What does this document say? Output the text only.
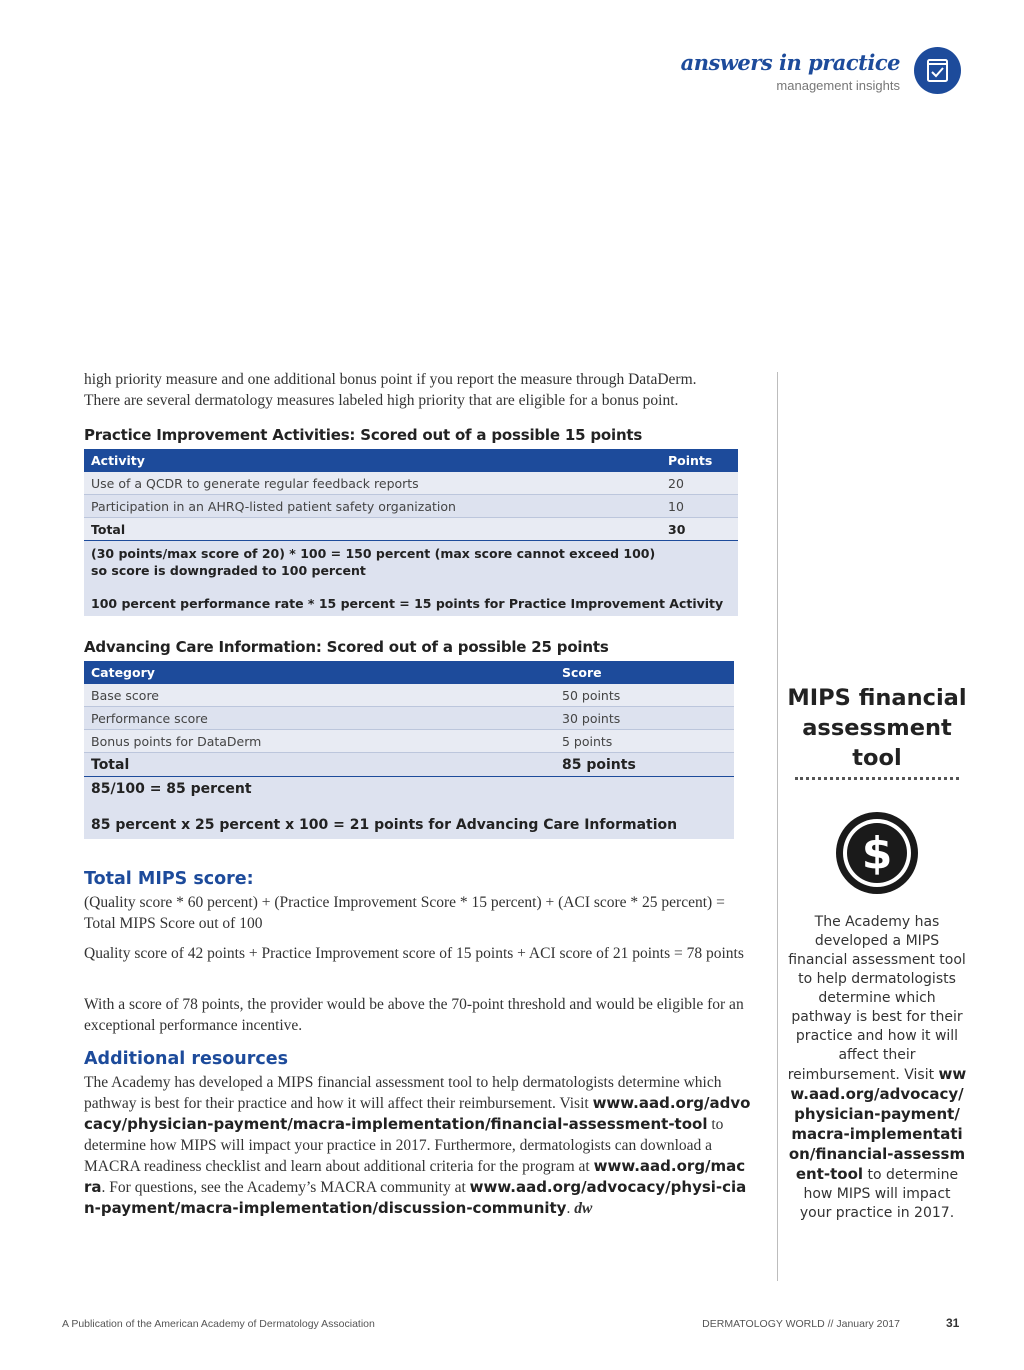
answers in practice
management insights

high priority measure and one additional bonus point if you report the measure through DataDerm.

There are several dermatology measures labeled high priority that are eligible for a bonus point.

Practice Improvement Activities: Scored out of a possible 15 points
Activity	Points
Use of a QCDR to generate regular feedback reports	20
Participation in an AHRQ-listed patient safety organization	10
Total	30
(30 points/max score of 20) * 100 = 150 percent (max score cannot exceed 100) so score is downgraded to 100 percent
100 percent performance rate * 15 percent = 15 points for Practice Improvement Activity
Advancing Care Information: Scored out of a possible 25 points
Category	Score
Base score	50 points
Performance score	30 points
Bonus points for DataDerm	5 points
Total	85 points
85/100 = 85 percent
85 percent x 25 percent x 100 = 21 points for Advancing Care Information
Total MIPS score:

(Quality score * 60 percent) + (Practice Improvement Score * 15 percent) + (ACI score * 25 percent) = Total MIPS Score out of 100

Quality score of 42 points + Practice Improvement score of 15 points + ACI score of 21 points = 78 points

With a score of 78 points, the provider would be above the 70-point threshold and would be eligible for an exceptional performance incentive.

Additional resources

The Academy has developed a MIPS financial assessment tool to help dermatologists determine which pathway is best for their practice and how it will affect their reimbursement. Visit www.aad.org/advocacy/physician-payment/macra-implementation/financial-assessment-tool to determine how MIPS will impact your practice in 2017. Furthermore, dermatologists can download a MACRA readiness checklist and learn about additional criteria for the program at www.aad.org/macra. For questions, see the Academy’s MACRA community at www.aad.org/advocacy/physi-cian-payment/macra-implementation/discussion-community. dw

MIPS financial assessment tool
$
The Academy has developed a MIPS financial assessment tool to help dermatologists determine which pathway is best for their practice and how it will affect their reimbursement. Visit www.aad.org/advocacy/physician-payment/macra-implementation/financial-assessment-tool to determine how MIPS will impact your practice in 2017.
A Publication of the American Academy of Dermatology Association	DERMATOLOGY WORLD // January 2017	31
